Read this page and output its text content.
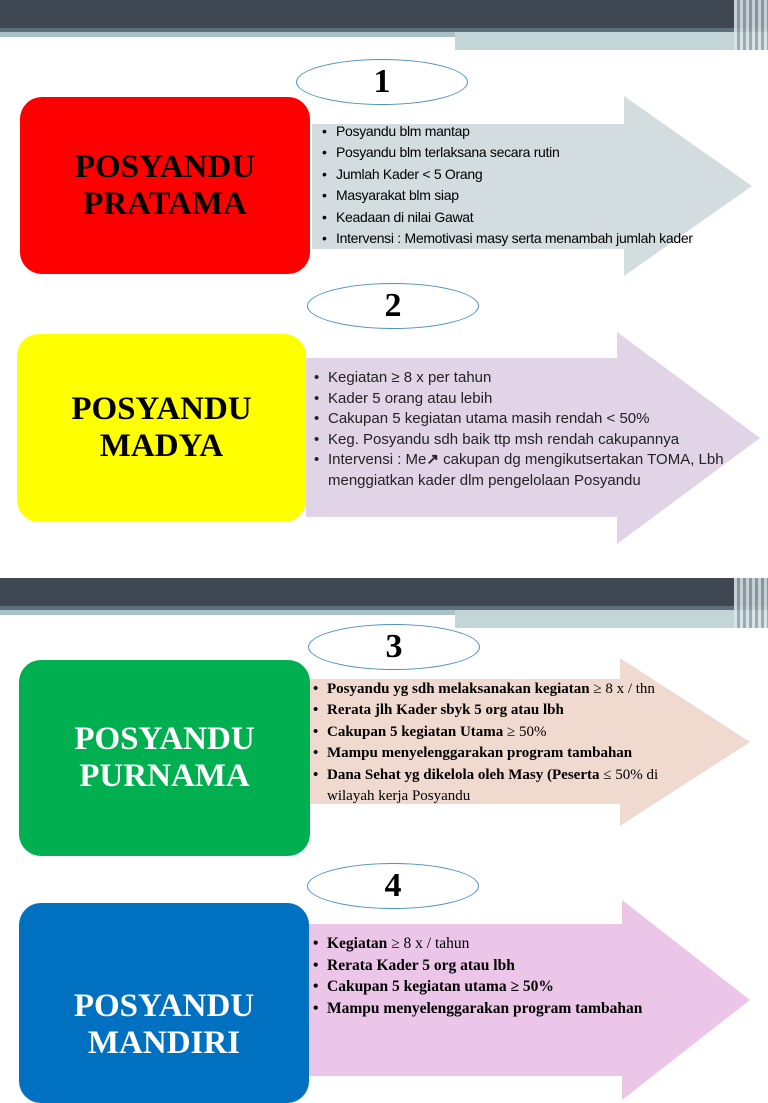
1
POSYANDU
PRATAMA
• Posyandu blm mantap
• Posyandu blm terlaksana secara rutin
• Jumlah Kader < 5 Orang
• Masyarakat blm siap
• Keadaan di nilai Gawat
• Intervensi : Memotivasi masy serta menambah jumlah kader
2
POSYANDU
MADYA
• Kegiatan ≥ 8 x per tahun
• Kader 5 orang atau lebih
• Cakupan 5 kegiatan utama masih rendah < 50%
• Keg. Posyandu sdh baik ttp msh rendah cakupannya
• Intervensi : Me↗ cakupan dg mengikutsertakan TOMA, Lbh menggiatkan kader dlm pengelolaan Posyandu
3
POSYANDU
PURNAMA
• Posyandu yg sdh melaksanakan kegiatan ≥ 8 x / thn
• Rerata jlh Kader sbyk 5 org atau lbh
• Cakupan 5 kegiatan Utama ≥ 50%
• Mampu menyelenggarakan program tambahan
• Dana Sehat yg dikelola oleh Masy (Peserta ≤ 50% di
wilayah kerja Posyandu
4
POSYANDU
MANDIRI
• Kegiatan ≥ 8 x / tahun
• Rerata Kader 5 org atau lbh
• Cakupan 5 kegiatan utama ≥ 50%
• Mampu menyelenggarakan program tambahan
